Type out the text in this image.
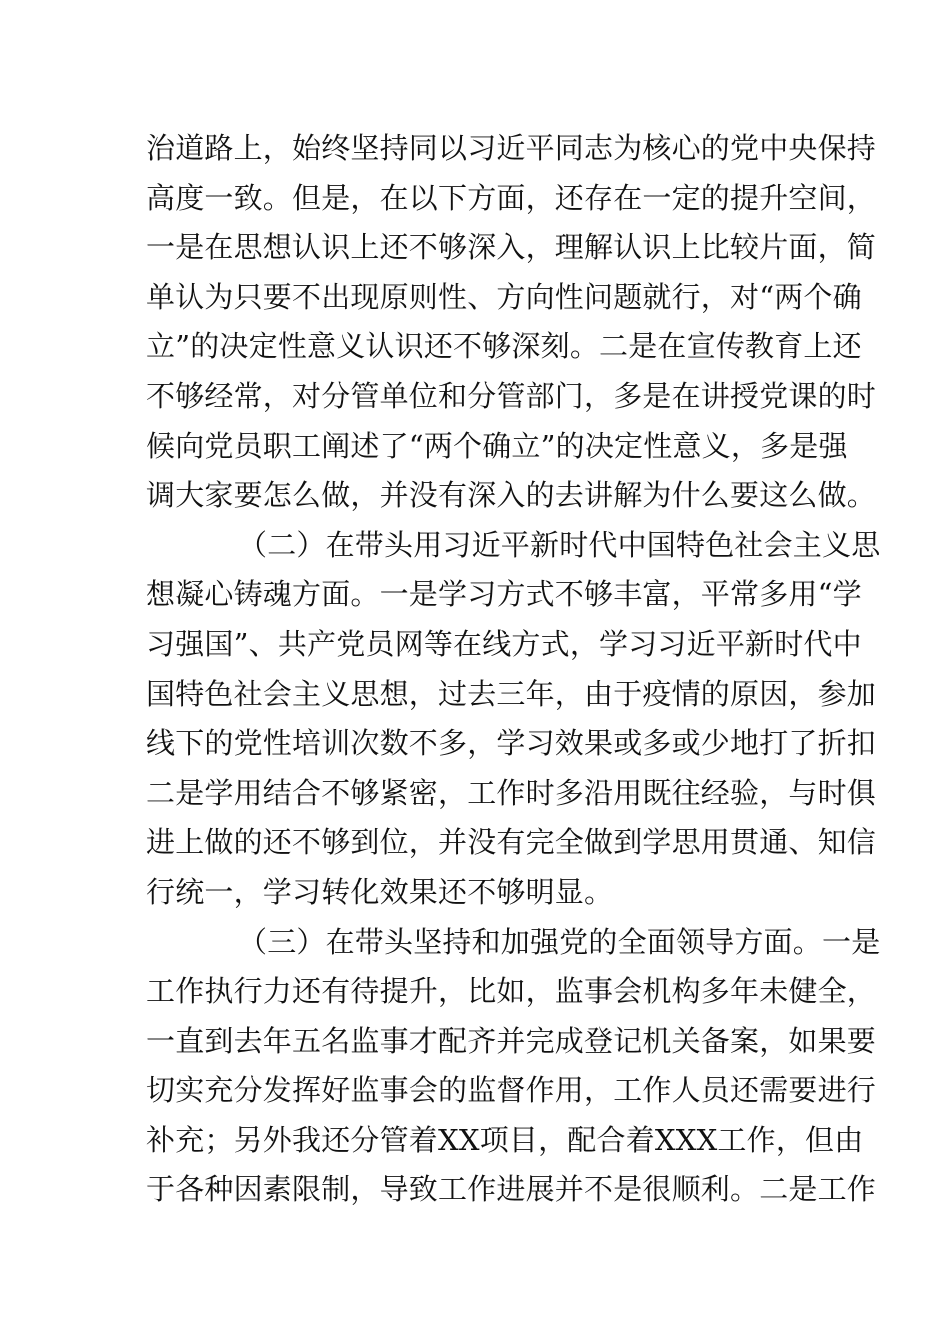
治道路上，始终坚持同以习近平同志为核心的党中央保持
高度一致。但是，在以下方面，还存在一定的提升空间，
一是在思想认识上还不够深入，理解认识上比较片面，简
单认为只要不出现原则性、方向性问题就行，对“两个确
立”的决定性意义认识还不够深刻。二是在宣传教育上还
不够经常，对分管单位和分管部门，多是在讲授党课的时
候向党员职工阐述了“两个确立”的决定性意义，多是强
调大家要怎么做，并没有深入的去讲解为什么要这么做。
（二）在带头用习近平新时代中国特色社会主义思
想凝心铸魂方面。一是学习方式不够丰富，平常多用“学
习强国”、共产党员网等在线方式，学习习近平新时代中
国特色社会主义思想，过去三年，由于疫情的原因，参加
线下的党性培训次数不多，学习效果或多或少地打了折扣
二是学用结合不够紧密，工作时多沿用既往经验，与时俱
进上做的还不够到位，并没有完全做到学思用贯通、知信
行统一，学习转化效果还不够明显。
（三）在带头坚持和加强党的全面领导方面。一是
工作执行力还有待提升，比如，监事会机构多年未健全，
一直到去年五名监事才配齐并完成登记机关备案，如果要
切实充分发挥好监事会的监督作用，工作人员还需要进行
补充；另外我还分管着XX项目，配合着XXX工作，但由
于各种因素限制，导致工作进展并不是很顺利。二是工作
